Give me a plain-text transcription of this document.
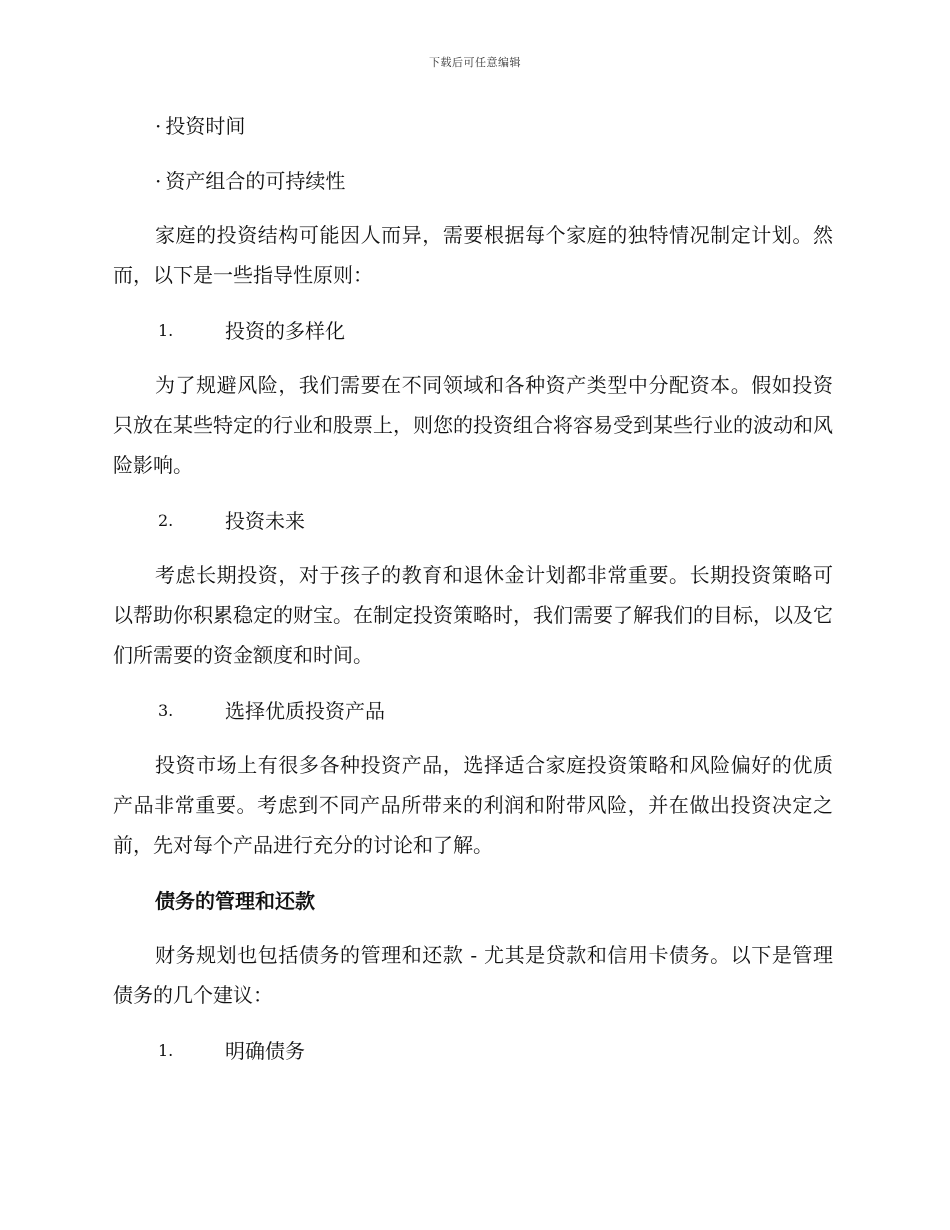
下载后可任意编辑
· 投资时间
· 资产组合的可持续性

家庭的投资结构可能因人而异，需要根据每个家庭的独特情况制定计划。然而，以下是一些指导性原则：

1.	投资的多样化

为了规避风险，我们需要在不同领域和各种资产类型中分配资本。假如投资只放在某些特定的行业和股票上，则您的投资组合将容易受到某些行业的波动和风险影响。

2.	投资未来

考虑长期投资，对于孩子的教育和退休金计划都非常重要。长期投资策略可以帮助你积累稳定的财宝。在制定投资策略时，我们需要了解我们的目标，以及它们所需要的资金额度和时间。

3.	选择优质投资产品

投资市场上有很多各种投资产品，选择适合家庭投资策略和风险偏好的优质产品非常重要。考虑到不同产品所带来的利润和附带风险，并在做出投资决定之前，先对每个产品进行充分的讨论和了解。

债务的管理和还款

财务规划也包括债务的管理和还款 - 尤其是贷款和信用卡债务。以下是管理债务的几个建议：

1.	明确债务
